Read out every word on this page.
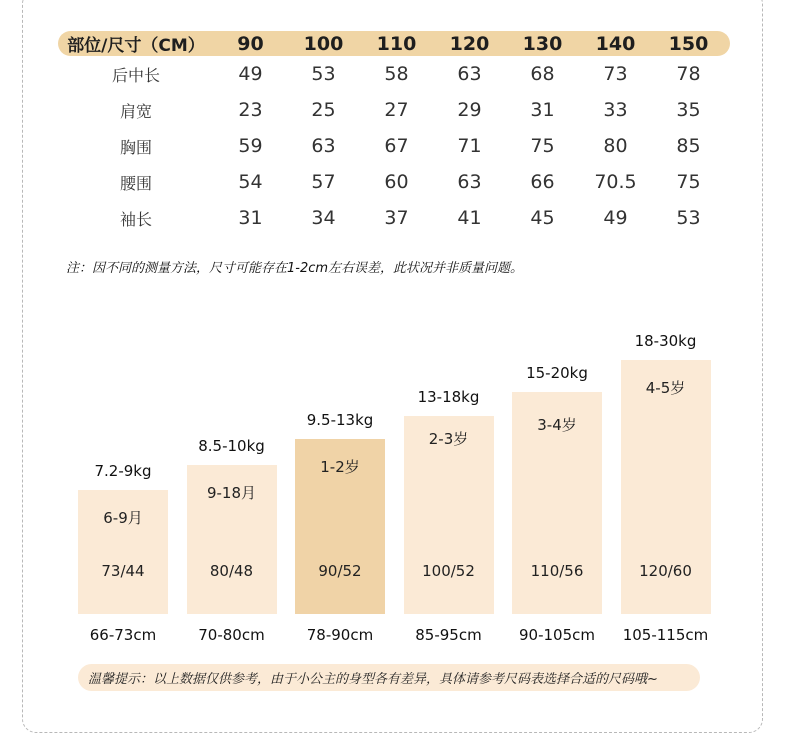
部位/尺寸（CM）	90	100	110	120	130	140	150
后中长	49	53	58	63	68	73	78
肩宽	23	25	27	29	31	33	35
胸围	59	63	67	71	75	80	85
腰围	54	57	60	63	66	70.5	75
袖长	31	34	37	41	45	49	53
注：因不同的测量方法，尺寸可能存在1-2cm左右误差，此状况并非质量问题。
7.2-9kg
6-9月
73/44
66-73cm
8.5-10kg
9-18月
80/48
70-80cm
9.5-13kg
1-2岁
90/52
78-90cm
13-18kg
2-3岁
100/52
85-95cm
15-20kg
3-4岁
110/56
90-105cm
18-30kg
4-5岁
120/60
105-115cm
温馨提示：以上数据仅供参考，由于小公主的身型各有差异，具体请参考尺码表选择合适的尺码哦~
